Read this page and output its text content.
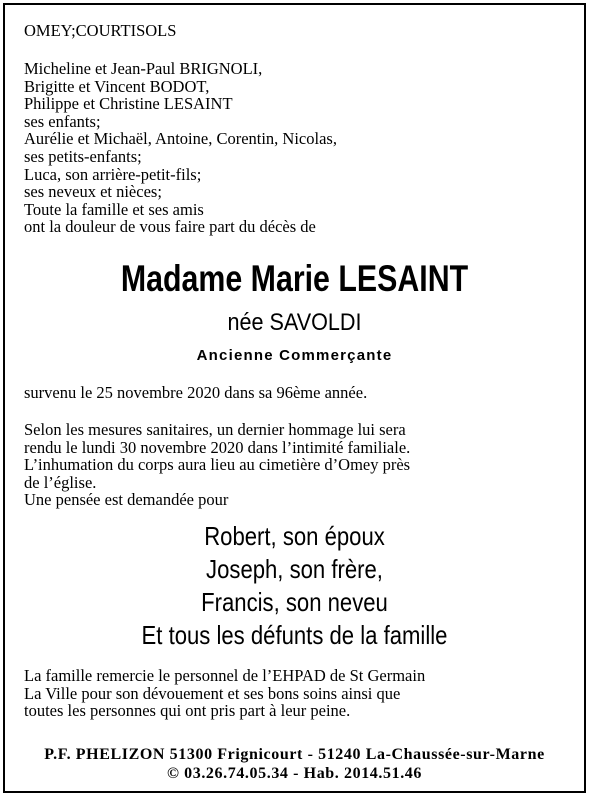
OMEY;COURTISOLS
Micheline et Jean-Paul BRIGNOLI,
Brigitte et Vincent BODOT,
Philippe et Christine LESAINT
ses enfants;
Aurélie et Michaël, Antoine, Corentin, Nicolas,
ses petits-enfants;
Luca, son arrière-petit-fils;
ses neveux et nièces;
Toute la famille et ses amis
ont la douleur de vous faire part du décès de
Madame Marie LESAINT
née SAVOLDI
Ancienne Commerçante
survenu le 25 novembre 2020 dans sa 96ème année.
Selon les mesures sanitaires, un dernier hommage lui sera
rendu le lundi 30 novembre 2020 dans l’intimité familiale.
L’inhumation du corps aura lieu au cimetière d’Omey près
de l’église.
Une pensée est demandée pour
Robert, son époux
Joseph, son frère,
Francis, son neveu
Et tous les défunts de la famille
La famille remercie le personnel de l’EHPAD de St Germain
La Ville pour son dévouement et ses bons soins ainsi que
toutes les personnes qui ont pris part à leur peine.
P.F. PHELIZON 51300 Frignicourt - 51240 La-Chaussée-sur-Marne
© 03.26.74.05.34 - Hab. 2014.51.46
